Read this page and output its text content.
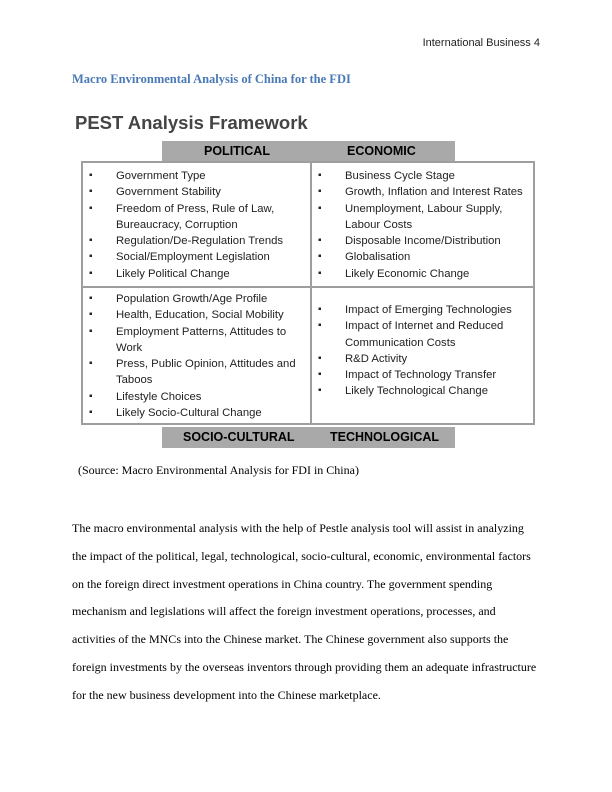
International Business 4
Macro Environmental Analysis of China for the FDI
PEST Analysis Framework
POLITICAL	ECONOMIC
▪ Government Type
▪ Government Stability
▪ Freedom of Press, Rule of Law, Bureaucracy, Corruption
▪ Regulation/De-Regulation Trends
▪ Social/Employment Legislation
▪ Likely Political Change
▪ Business Cycle Stage
▪ Growth, Inflation and Interest Rates
▪ Unemployment, Labour Supply, Labour Costs
▪ Disposable Income/Distribution
▪ Globalisation
▪ Likely Economic Change
▪ Population Growth/Age Profile
▪ Health, Education, Social Mobility
▪ Employment Patterns, Attitudes to Work
▪ Press, Public Opinion, Attitudes and Taboos
▪ Lifestyle Choices
▪ Likely Socio-Cultural Change
▪ Impact of Emerging Technologies
▪ Impact of Internet and Reduced Communication Costs
▪ R&D Activity
▪ Impact of Technology Transfer
▪ Likely Technological Change
SOCIO-CULTURAL	TECHNOLOGICAL
(Source: Macro Environmental Analysis for FDI in China)
The macro environmental analysis with the help of Pestle analysis tool will assist in analyzing
the impact of the political, legal, technological, socio-cultural, economic, environmental factors
on the foreign direct investment operations in China country. The government spending
mechanism and legislations will affect the foreign investment operations, processes, and
activities of the MNCs into the Chinese market. The Chinese government also supports the
foreign investments by the overseas inventors through providing them an adequate infrastructure
for the new business development into the Chinese marketplace.
